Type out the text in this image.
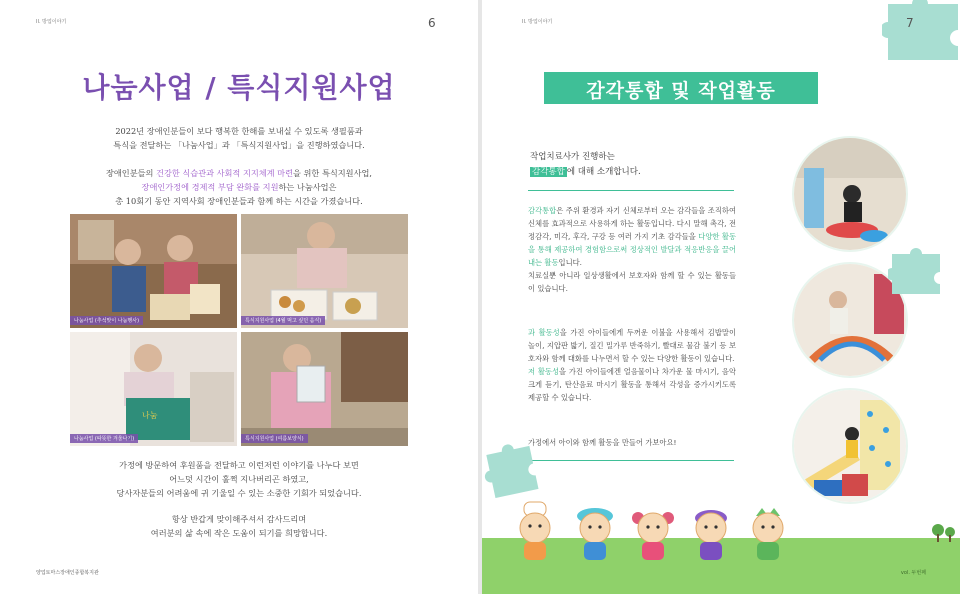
II. 방업이야기	6
나눔사업 / 특식지원사업

2022년 장애인분들이 보다 행복한 한해를 보내실 수 있도록 생필품과

특식을 전달하는 「나눔사업」과 「특식지원사업」을 진행하였습니다.

장애인분들의 건강한 식습관과 사회적 지지체계 마련을 위한 특식지원사업,

장애인가정에 경제적 부담 완화를 지원하는 나눔사업은

총 10회기 동안 지역사회 장애인분들과 함께 하는 시간을 가졌습니다.

나눔사업 (추석맞이 나눔행사)	특식지원사업 (4월 먹고 싶던 음식)
나눔
나눔사업 (따뜻한 겨울나기)	특식지원사업 (여름보양식)

가정에 방문하여 후원품을 전달하고 이런저런 이야기를 나누다 보면

어느덧 시간이 훌쩍 지나버리곤 하였고,

당사자분들의 어려움에 귀 기울일 수 있는 소중한 기회가 되었습니다.

항상 반갑게 맞이해주셔서 감사드리며

여러분의 삶 속에 작은 도움이 되기를 희망합니다.

양업토마스장애인종합복지관
II. 방업이야기	7
감각통합 및 작업활동
작업치료사가 진행하는
감각통합 에 대해 소개합니다.

감각통합은 주위 환경과 자기 신체로부터 오는 감각들을 조직하여 신체를 효과적으로 사용하게 하는 활동입니다. 다시 말해 촉각, 전정감각, 미각, 후각, 구강 등 여러 가지 기초 감각들을 다양한 활동을 통해 제공하여 경험함으로써 정상적인 발달과 적응반응을 끌어내는 활동입니다.

치료실뿐 아니라 일상생활에서 보호자와 함께 할 수 있는 활동들이 있습니다.

과 활동성을 가진 아이들에게 두꺼운 이불을 사용해서 김밥말이 놀이, 지압판 밟기, 질긴 밀가루 반죽하기, 빨대로 물감 불기 등 보호자와 함께 대화를 나누면서 할 수 있는 다양한 활동이 있습니다.

저 활동성을 가진 아이들에겐 얼음물이나 차가운 물 마시기, 음악 크게 듣기, 탄산음료 마시기 활동을 통해서 각성을 증가시키도록 제공할 수 있습니다.

가정에서 아이와 함께 활동을 만들어 가보아요!
vol. 두번째
